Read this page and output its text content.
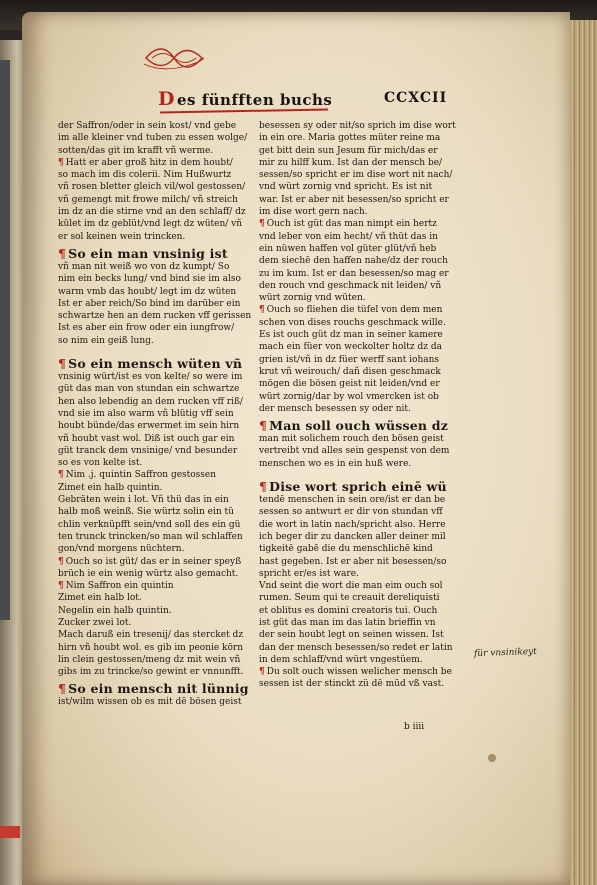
D es fünfften buchs	CCXCII
der Saffron/oder in sein kost/ vnd gebe
im alle kleiner vnd tuben zu essen wolge/
sotten/das git im krafft vñ werme.
¶ Hatt er aber groß hitz in dem houbt/
so mach im dis colerii. Nim Hußwurtz
vñ rosen bletter gleich vil/wol gestossen/
vñ gemengt mit frowe milch/ vñ streich
im dz an die stirne vnd an den schlaff/ dz
kület im dz geblüt/vnd legt dz wüten/ vñ
er sol keinen wein trincken.
¶ So ein man vnsinig ist
vñ man nit weiß wo von dz kumpt/ So
nim ein becks lung/ vnd bind sie im also
warm vmb das houbt/ legt im dz wüten
Ist er aber reich/So bind im darüber ein
schwartze hen an dem rucken vff gerissen
Ist es aber ein frow oder ein iungfrow/
so nim ein geiß lung.
¶ So ein mensch wüten vñ
vnsinig würt/ist es von kelte/ so were im
güt das man von stundan ein schwartze
hen also lebendig an dem rucken vff riß/
vnd sie im also warm vñ blütig vff sein
houbt bünde/das erwermet im sein hirn
vñ houbt vast wol. Diß ist ouch gar ein
güt tranck dem vnsinige/ vnd besunder
so es von kelte ist.
¶ Nim .j. quintin Saffron gestossen
Zimet ein halb quintin.
Gebräten wein i lot. Vñ thü das in ein
halb moß weinß. Sie würtz solin ein tü
chlin verknüpfft sein/vnd soll des ein gü
ten trunck trincken/so man wil schlaffen
gon/vnd morgens nüchtern.
¶ Ouch so ist güt/ das er in seiner speyß
brüch ie ein wenig würtz also gemacht.
¶ Nim Saffron ein quintin
Zimet ein halb lot.
Negelin ein halb quintin.
Zucker zwei lot.
Mach daruß ein tresenij/ das stercket dz
hirn vñ houbt wol. es gib im peonie körn
lin clein gestossen/meng dz mit wein vñ
gibs im zu trincke/so gewint er vnnunfft.
¶ So ein mensch nit lünnig
ist/wilm wissen ob es mit dē bösen geist
besessen sy oder nit/so sprich im dise wort
in ein ore. Maria gottes müter reine ma
get bitt dein sun Jesum für mich/das er
mir zu hilff kum. Ist dan der mensch be/
sessen/so spricht er im dise wort nit nach/
vnd würt zornig vnd spricht. Es ist nit
war. Ist er aber nit besessen/so spricht er
im dise wort gern nach.
¶ Ouch ist güt das man nimpt ein hertz
vnd leber von eim hecht/ vñ thüt das in
ein nüwen haffen vol güter glüt/vñ heb
dem siechē den haffen nahe/dz der rouch
zu im kum. Ist er dan besessen/so mag er
den rouch vnd geschmack nit leiden/ vñ
würt zornig vnd wüten.
¶ Ouch so fliehen die tüfel von dem men
schen von dises rouchs geschmack wille.
Es ist ouch güt dz man in seiner kamere
mach ein füer von weckolter holtz dz da
grien ist/vñ in dz füer werff sant iohans
krut vñ weirouch/ dañ disen geschmack
mögen die bösen geist nit leiden/vnd er
würt zornig/dar by wol vmercken ist ob
der mensch besessen sy oder nit.
¶ Man soll ouch wüssen dz
man mit solichem rouch den bösen geist
vertreibt vnd alles sein gespenst von dem
menschen wo es in ein huß were.
¶ Dise wort sprich einē wü
tendē menschen in sein ore/ist er dan be
sessen so antwurt er dir von stundan vff
die wort in latin nach/spricht also. Herre
ich beger dir zu dancken aller deiner mil
tigkeitē gabē die du menschlichē kind
hast gegeben. Ist er aber nit besessen/so
spricht er/es ist ware.
Vnd seint die wort die man eim ouch sol
rumen. Seum qui te creauit dereliquisti
et oblitus es domini creatoris tui. Ouch
ist güt das man im das latin brieffin vn
der sein houbt legt on seinen wissen. Ist
dan der mensch besessen/so redet er latin
in dem schlaff/vnd würt vngestüem.
¶ Du solt ouch wissen welicher mensch be
sessen ist der stinckt zü dē mūd vß vast.
für vnsinikeyt
b iiii
